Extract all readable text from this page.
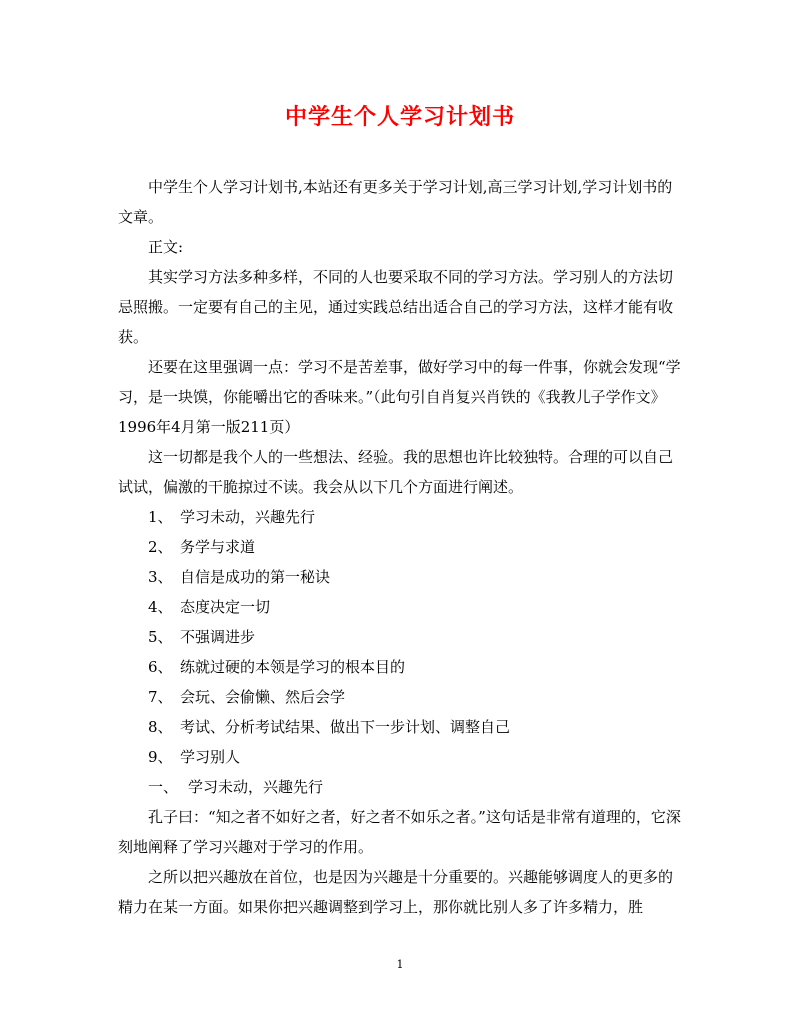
中学生个人学习计划书

中学生个人学习计划书,本站还有更多关于学习计划,高三学习计划,学习计划书的文章。

正文:

其实学习方法多种多样，不同的人也要采取不同的学习方法。学习别人的方法切忌照搬。一定要有自己的主见，通过实践总结出适合自己的学习方法，这样才能有收获。

还要在这里强调一点：学习不是苦差事，做好学习中的每一件事，你就会发现“学习，是一块馍，你能嚼出它的香味来。”（此句引自肖复兴肖铁的《我教儿子学作文》1996年4月第一版211页）

这一切都是我个人的一些想法、经验。我的思想也许比较独特。合理的可以自己试试，偏激的干脆掠过不读。我会从以下几个方面进行阐述。

1、 学习未动，兴趣先行

2、 务学与求道

3、 自信是成功的第一秘诀

4、 态度决定一切

5、 不强调进步

6、 练就过硬的本领是学习的根本目的

7、 会玩、会偷懒、然后会学

8、 考试、分析考试结果、做出下一步计划、调整自己

9、 学习别人

一、 学习未动，兴趣先行

孔子曰：“知之者不如好之者，好之者不如乐之者。”这句话是非常有道理的，它深刻地阐释了学习兴趣对于学习的作用。

之所以把兴趣放在首位，也是因为兴趣是十分重要的。兴趣能够调度人的更多的精力在某一方面。如果你把兴趣调整到学习上，那你就比别人多了许多精力，胜

1
